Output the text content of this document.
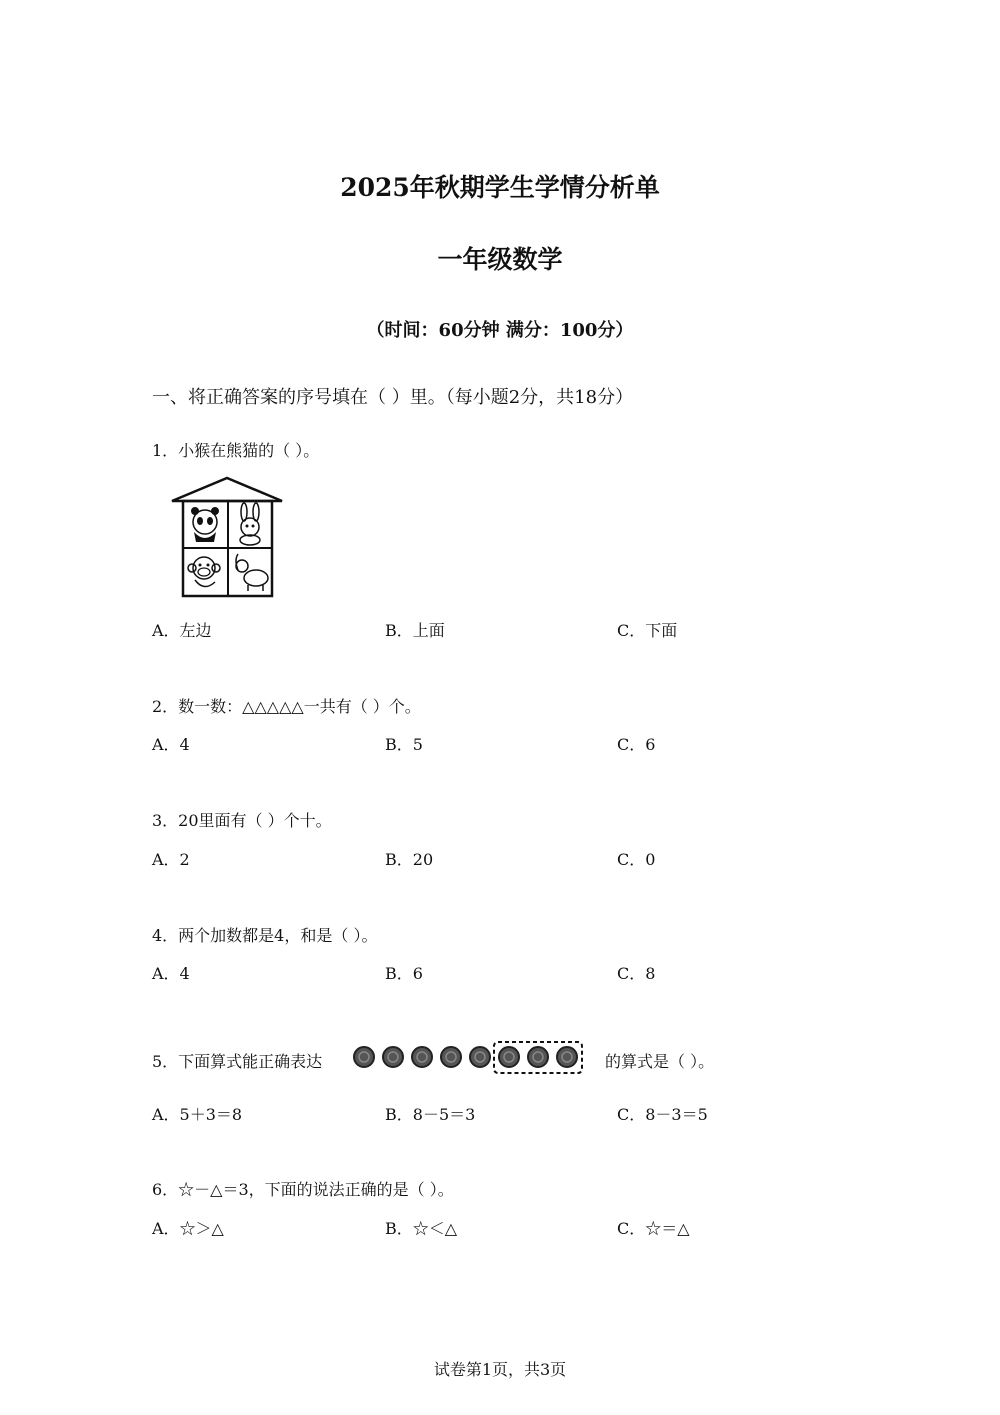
2025年秋期学生学情分析单
一年级数学
（时间：60分钟 满分：100分）
一、将正确答案的序号填在（ ）里。（每小题2分，共18分）
1．小猴在熊猫的（ ）。
A．左边	B．上面	C．下面
2．数一数：△△△△△一共有（ ）个。
A．4	B．5	C．6
3．20里面有（ ）个十。
A．2	B．20	C．0
4．两个加数都是4，和是（ ）。
A．4	B．6	C．8
5．下面算式能正确表达	的算式是（ ）。
A．5＋3＝8	B．8－5＝3	C．8－3＝5
6．☆－△＝3，下面的说法正确的是（ ）。
A．☆＞△	B．☆＜△	C．☆＝△
试卷第1页，共3页
